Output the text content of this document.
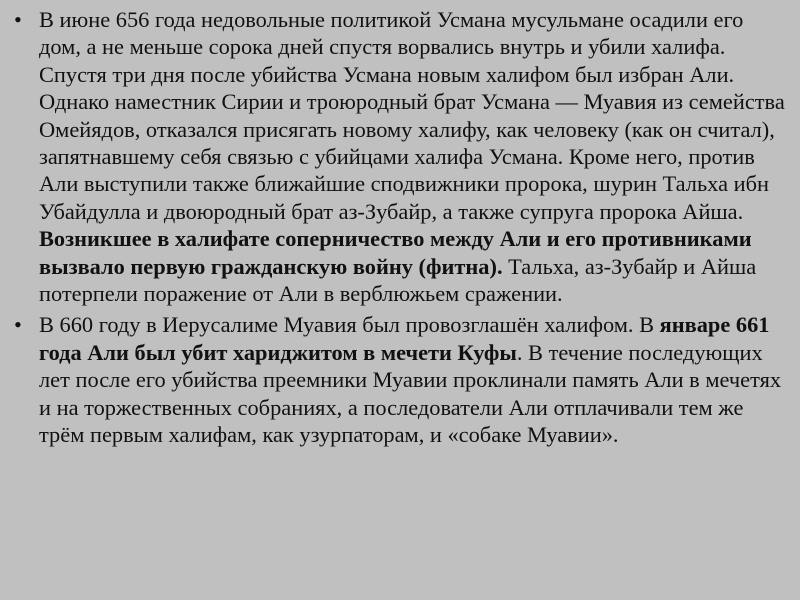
• В июне 656 года недовольные политикой Усмана мусульмане осадили его дом, а не меньше сорока дней спустя ворвались внутрь и убили халифа. Спустя три дня после убийства Усмана новым халифом был избран Али. Однако наместник Сирии и троюродный брат Усмана — Муавия из семейства Омейядов, отказался присягать новому халифу, как человеку (как он считал), запятнавшему себя связью с убийцами халифа Усмана. Кроме него, против Али выступили также ближайшие сподвижники пророка, шурин Тальха ибн Убайдулла и двоюродный брат аз-Зубайр, а также супруга пророка Айша. Возникшее в халифате соперничество между Али и его противниками вызвало первую гражданскую войну (фитна). Тальха, аз-Зубайр и Айша потерпели поражение от Али в верблюжьем сражении.
• В 660 году в Иерусалиме Муавия был провозглашён халифом. В январе 661 года Али был убит хариджитом в мечети Куфы. В течение последующих лет после его убийства преемники Муавии проклинали память Али в мечетях и на торжественных собраниях, а последователи Али отплачивали тем же трём первым халифам, как узурпаторам, и «собаке Муавии».
